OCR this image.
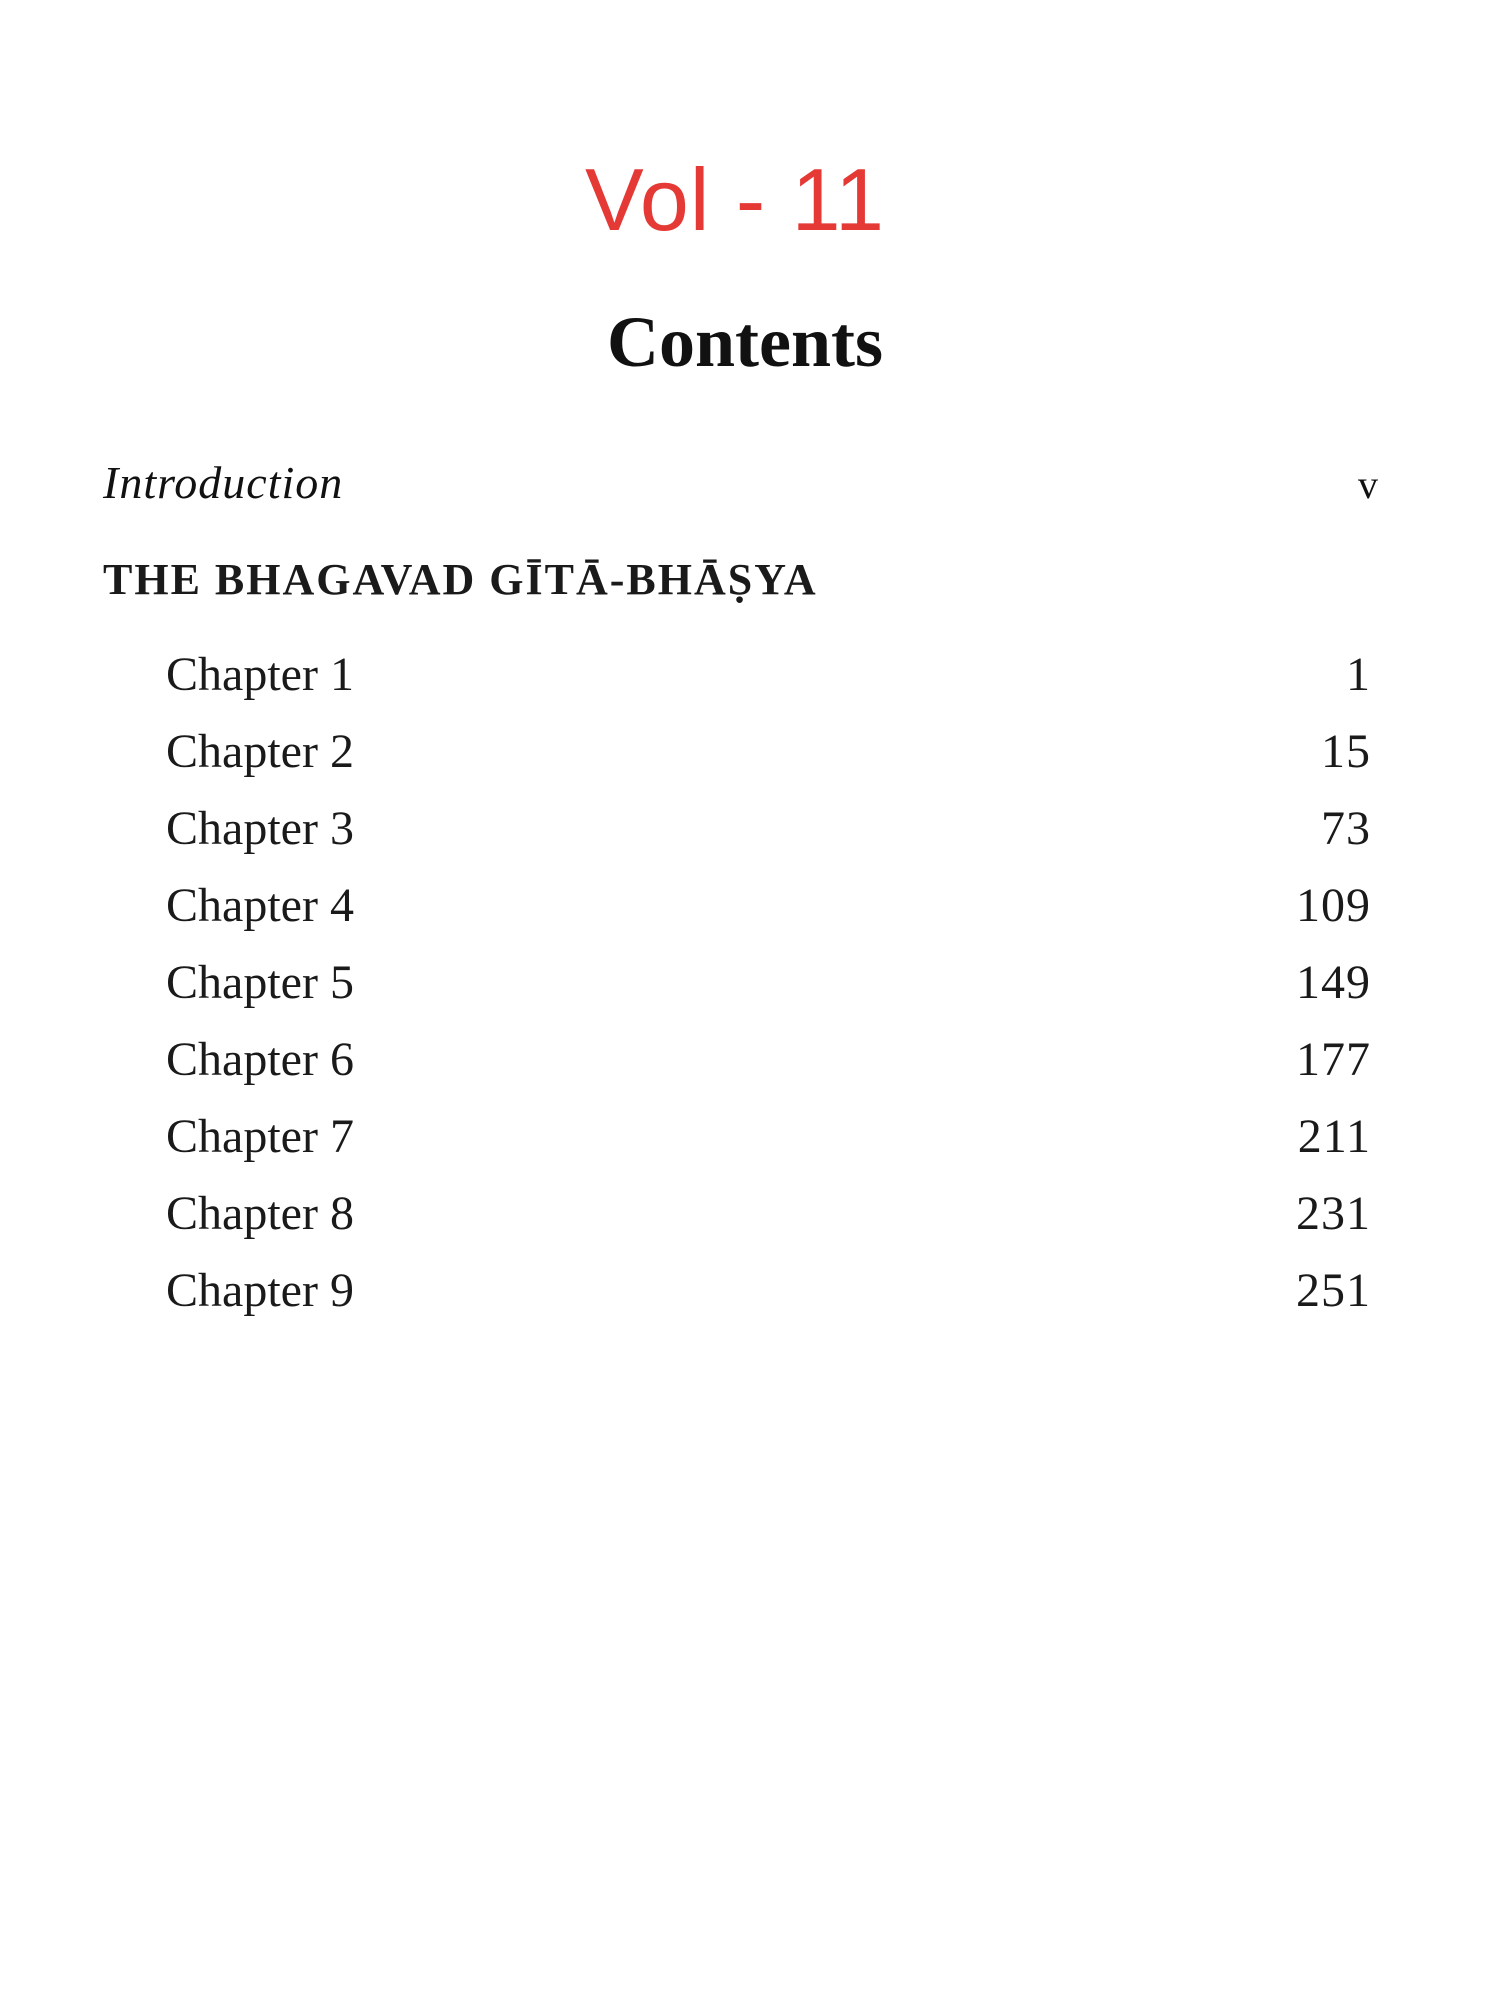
Vol - 11
Contents
Introduction	v
THE BHAGAVAD GĪTĀ-BHĀṢYA
Chapter 1	1
Chapter 2	15
Chapter 3	73
Chapter 4	109
Chapter 5	149
Chapter 6	177
Chapter 7	211
Chapter 8	231
Chapter 9	251
